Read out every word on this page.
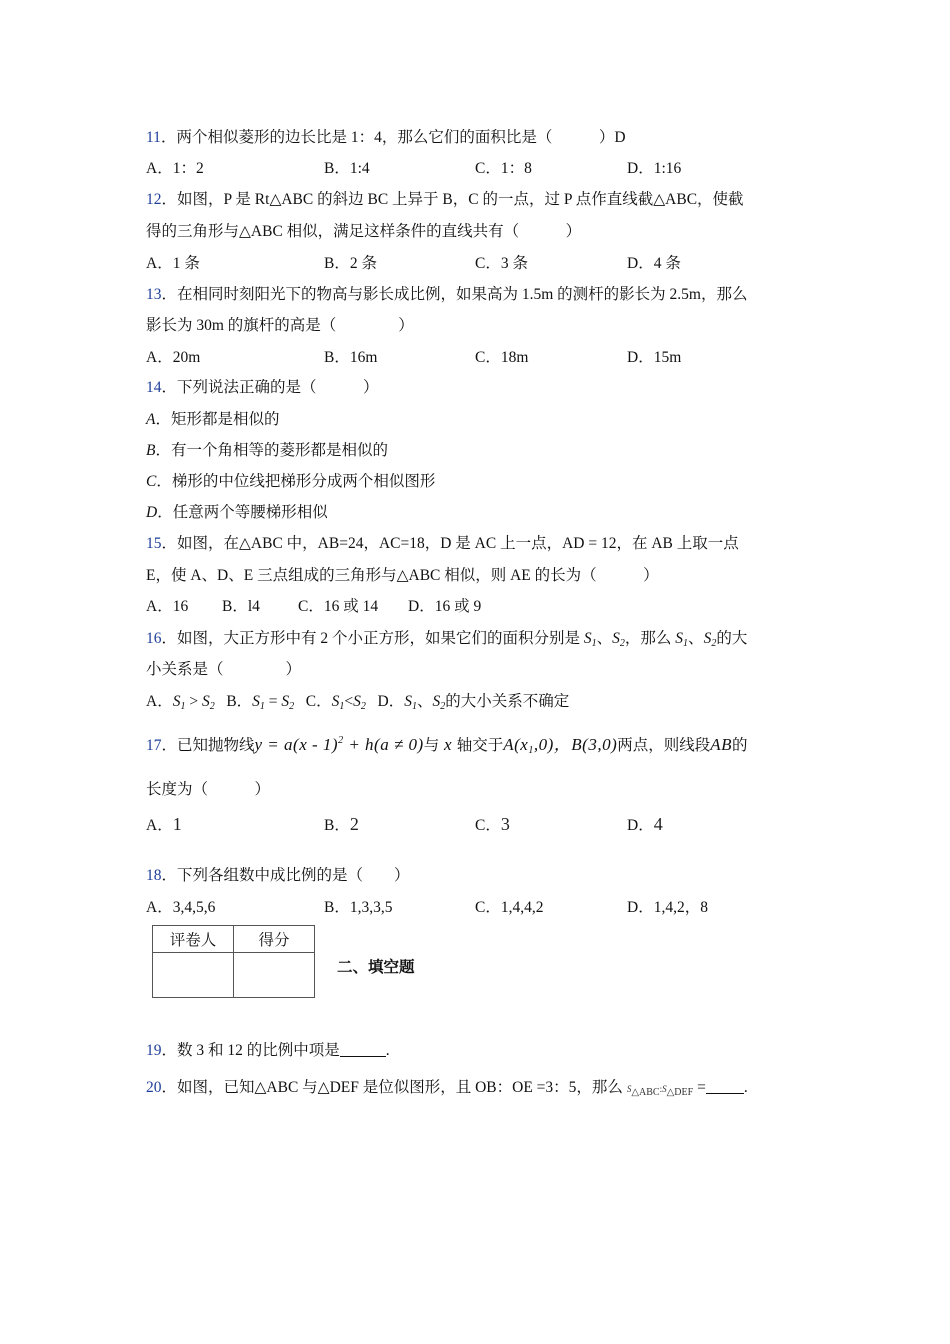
11．两个相似菱形的边长比是 1：4，那么它们的面积比是（　　　）D
A．1：2	B．1:4	C．1：8	D．1:16
12．如图，P 是 Rt△ABC 的斜边 BC 上异于 B，C 的一点，过 P 点作直线截△ABC，使截
得的三角形与△ABC 相似，满足这样条件的直线共有（　　　）
A．1 条	B．2 条	C．3 条	D．4 条
13．在相同时刻阳光下的物高与影长成比例，如果高为 1.5m 的测杆的影长为 2.5m，那么
影长为 30m 的旗杆的高是（　　　　）
A．20m	B．16m	C．18m	D．15m
14．下列说法正确的是（　　　）
A．矩形都是相似的
B．有一个角相等的菱形都是相似的
C．梯形的中位线把梯形分成两个相似图形
D．任意两个等腰梯形相似
15．如图，在△ABC 中，AB=24，AC=18，D 是 AC 上一点，AD = 12，在 AB 上取一点
E，使 A、D、E 三点组成的三角形与△ABC 相似，则 AE 的长为（　　　）
A．16 B．l4 C．16 或 14 D．16 或 9
16．如图，大正方形中有 2 个小正方形，如果它们的面积分别是 $S_1$、$S_2$，那么 $S_1$、$S_2$的大
小关系是（　　　　）
A．$S_1 > S_2$ B．$S_1 = S_2$ C．$S_1<S_2$ D．$S_1$、$S_2$的大小关系不确定
17．已知抛物线y = a(x - 1)$^2$ + h(a ≠ 0)与 x 轴交于$A(x_1,0)$，B(3,0)两点，则线段AB的
长度为（　　　）
A．1	B．2	C．3	D．4
18．下列各组数中成比例的是（　　）
A．3,4,5,6	B．1,3,3,5	C．1,4,4,2	D．1,4,2，8
评卷人	得分

二、填空题
19．数 3 和 12 的比例中项是	.
20．如图，已知△ABC 与△DEF 是位似图形，且 OB：OE =3：5，那么 $S_{\triangle ABC}:S_{\triangle DEF}$ = .
